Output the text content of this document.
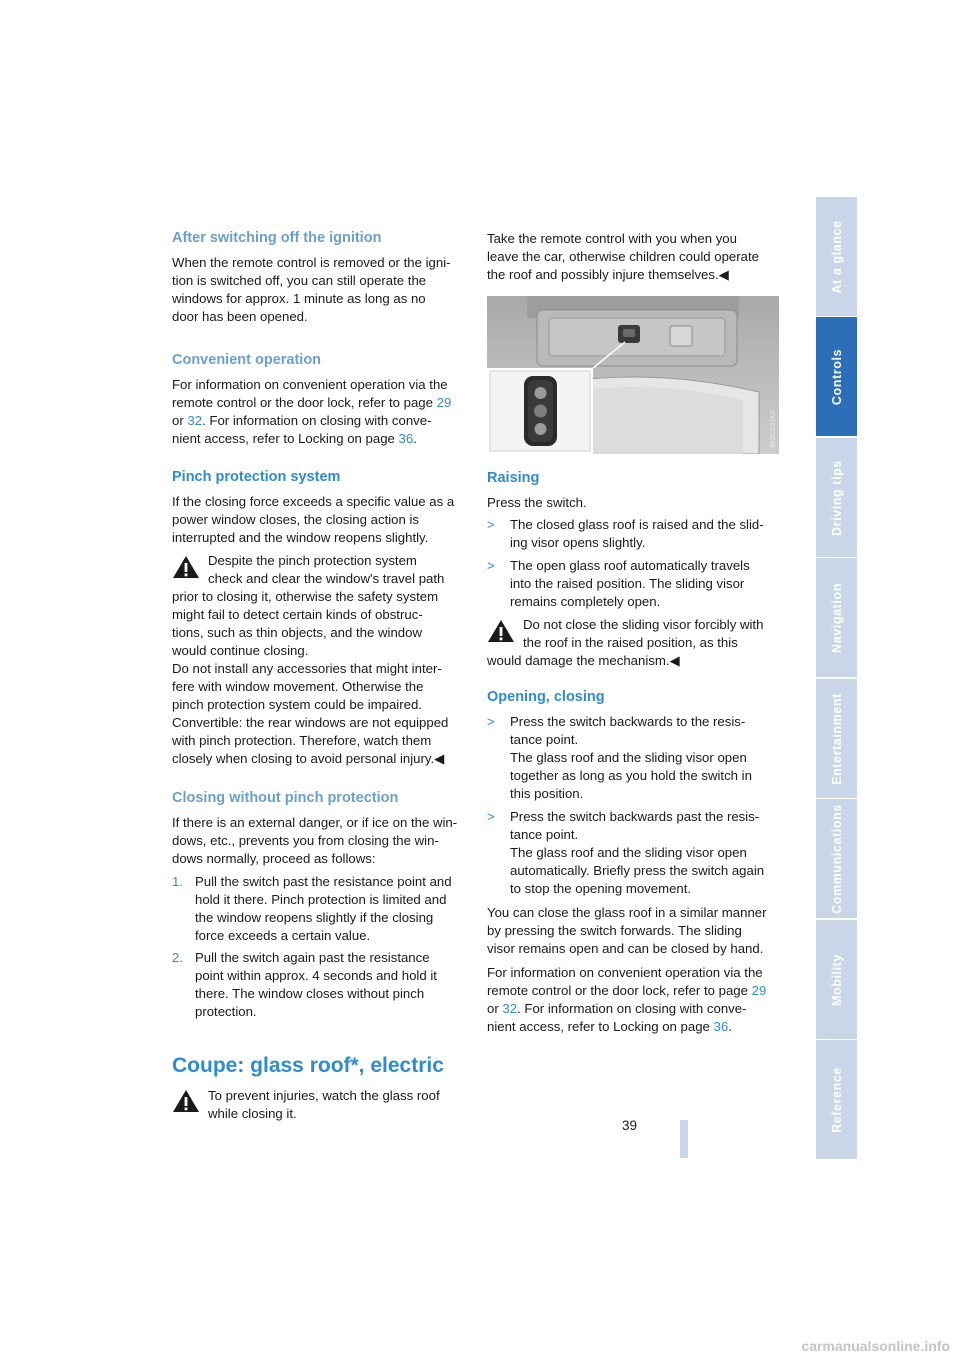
After switching off the ignition

When the remote control is removed or the igni-
tion is switched off, you can still operate the
windows for approx. 1 minute as long as no
door has been opened.

Convenient operation

For information on convenient operation via the
remote control or the door lock, refer to page 29
or 32. For information on closing with conve-
nient access, refer to Locking on page 36.

Pinch protection system

If the closing force exceeds a specific value as a
power window closes, the closing action is
interrupted and the window reopens slightly.

Despite the pinch protection system
check and clear the window's travel path
prior to closing it, otherwise the safety system
might fail to detect certain kinds of obstruc-
tions, such as thin objects, and the window
would continue closing.
Do not install any accessories that might inter-
fere with window movement. Otherwise the
pinch protection system could be impaired.
Convertible: the rear windows are not equipped
with pinch protection. Therefore, watch them
closely when closing to avoid personal injury.◀

Closing without pinch protection

If there is an external danger, or if ice on the win-
dows, etc., prevents you from closing the win-
dows normally, proceed as follows:

1. Pull the switch past the resistance point and
hold it there. Pinch protection is limited and
the window reopens slightly if the closing
force exceeds a certain value.

2. Pull the switch again past the resistance
point within approx. 4 seconds and hold it
there. The window closes without pinch
protection.

Coupe: glass roof*, electric

To prevent injuries, watch the glass roof
while closing it.

Take the remote control with you when you
leave the car, otherwise children could operate
the roof and possibly injure themselves.◀

W2C05IAE
Raising

Press the switch.

> The closed glass roof is raised and the slid-
ing visor opens slightly.

> The open glass roof automatically travels
into the raised position. The sliding visor
remains completely open.

Do not close the sliding visor forcibly with
the roof in the raised position, as this
would damage the mechanism.◀

Opening, closing
> Press the switch backwards to the resis-
tance point.
The glass roof and the sliding visor open
together as long as you hold the switch in
this position.

> Press the switch backwards past the resis-
tance point.
The glass roof and the sliding visor open
automatically. Briefly press the switch again
to stop the opening movement.

You can close the glass roof in a similar manner
by pressing the switch forwards. The sliding
visor remains open and can be closed by hand.

For information on convenient operation via the
remote control or the door lock, refer to page 29
or 32. For information on closing with conve-
nient access, refer to Locking on page 36.

At a glance
Controls
Driving tips
Navigation
Entertainment
Communications
Mobility
Reference
39
carmanualsonline.info
